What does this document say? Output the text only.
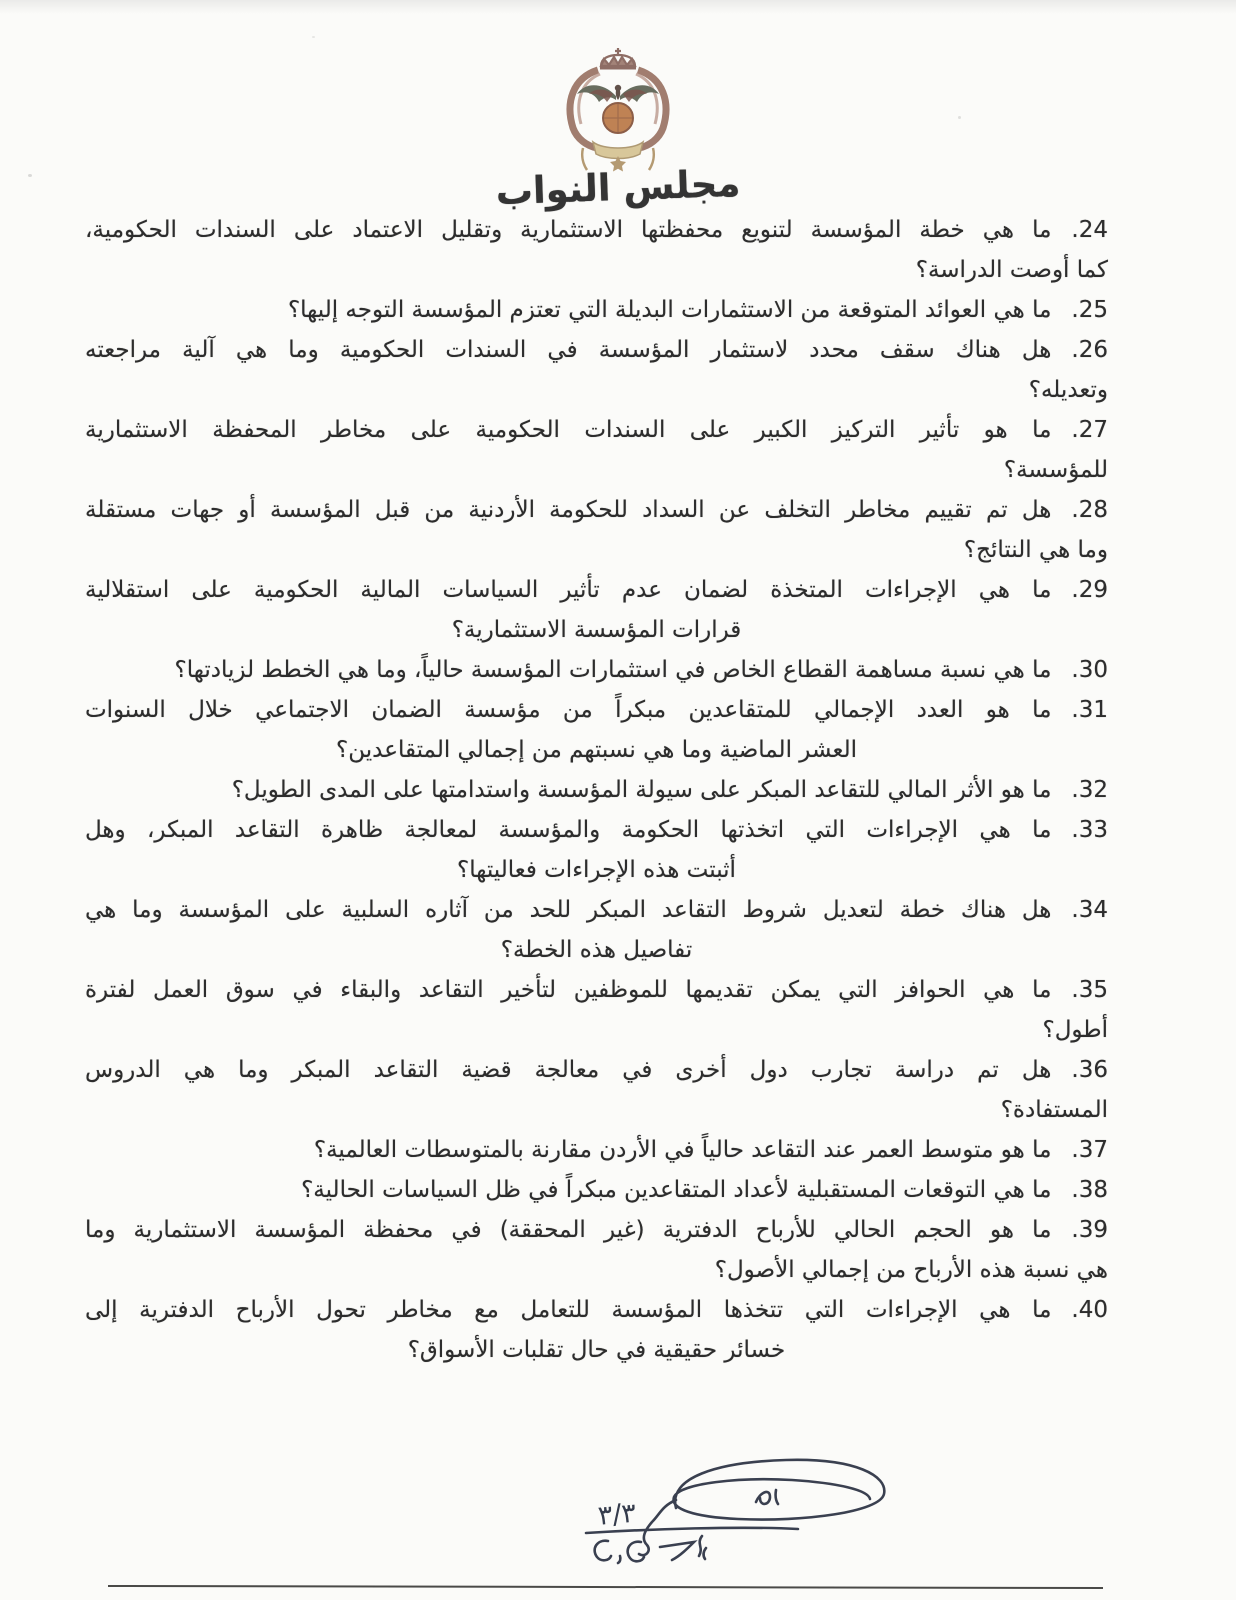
مجلس النواب
24.ما هي خطة المؤسسة لتنويع محفظتها الاستثمارية وتقليل الاعتماد على السندات الحكومية،
كما أوصت الدراسة؟
25.ما هي العوائد المتوقعة من الاستثمارات البديلة التي تعتزم المؤسسة التوجه إليها؟
26.هل هناك سقف محدد لاستثمار المؤسسة في السندات الحكومية وما هي آلية مراجعته
وتعديله؟
27.ما هو تأثير التركيز الكبير على السندات الحكومية على مخاطر المحفظة الاستثمارية
للمؤسسة؟
28.هل تم تقييم مخاطر التخلف عن السداد للحكومة الأردنية من قبل المؤسسة أو جهات مستقلة
وما هي النتائج؟
29.ما هي الإجراءات المتخذة لضمان عدم تأثير السياسات المالية الحكومية على استقلالية
قرارات المؤسسة الاستثمارية؟
30.ما هي نسبة مساهمة القطاع الخاص في استثمارات المؤسسة حالياً، وما هي الخطط لزيادتها؟
31.ما هو العدد الإجمالي للمتقاعدين مبكراً من مؤسسة الضمان الاجتماعي خلال السنوات
العشر الماضية وما هي نسبتهم من إجمالي المتقاعدين؟
32.ما هو الأثر المالي للتقاعد المبكر على سيولة المؤسسة واستدامتها على المدى الطويل؟
33.ما هي الإجراءات التي اتخذتها الحكومة والمؤسسة لمعالجة ظاهرة التقاعد المبكر، وهل
أثبتت هذه الإجراءات فعاليتها؟
34.هل هناك خطة لتعديل شروط التقاعد المبكر للحد من آثاره السلبية على المؤسسة وما هي
تفاصيل هذه الخطة؟
35.ما هي الحوافز التي يمكن تقديمها للموظفين لتأخير التقاعد والبقاء في سوق العمل لفترة
أطول؟
36.هل تم دراسة تجارب دول أخرى في معالجة قضية التقاعد المبكر وما هي الدروس
المستفادة؟
37.ما هو متوسط العمر عند التقاعد حالياً في الأردن مقارنة بالمتوسطات العالمية؟
38.ما هي التوقعات المستقبلية لأعداد المتقاعدين مبكراً في ظل السياسات الحالية؟
39.ما هو الحجم الحالي للأرباح الدفترية (غير المحققة) في محفظة المؤسسة الاستثمارية وما
هي نسبة هذه الأرباح من إجمالي الأصول؟
40.ما هي الإجراءات التي تتخذها المؤسسة للتعامل مع مخاطر تحول الأرباح الدفترية إلى
خسائر حقيقية في حال تقلبات الأسواق؟
٣/٣
